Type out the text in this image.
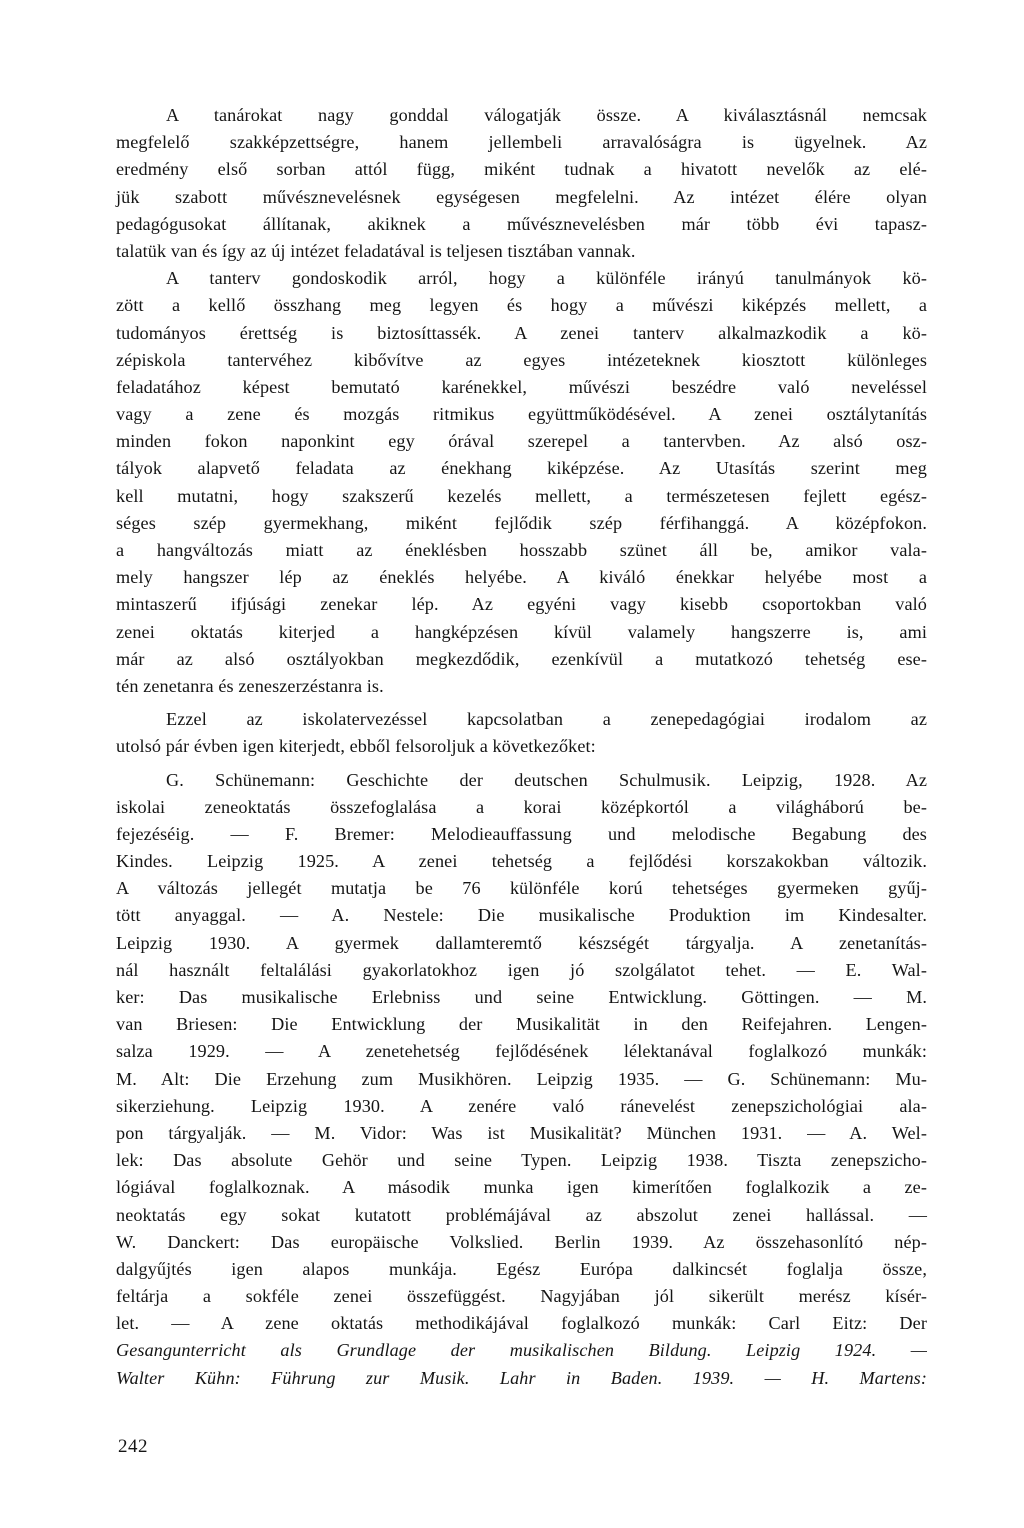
A tanárokat nagy gonddal válogatják össze. A kiválasztásnál nemcsak
megfelelő szakképzettségre, hanem jellembeli arravalóságra is ügyelnek. Az
eredmény első sorban attól függ, miként tudnak a hivatott nevelők az elé-
jük szabott művésznevelésnek egységesen megfelelni. Az intézet élére olyan
pedagógusokat állítanak, akiknek a művésznevelésben már több évi tapasz-
talatük van és így az új intézet feladatával is teljesen tisztában vannak.
A tanterv gondoskodik arról, hogy a különféle irányú tanulmányok kö-
zött a kellő összhang meg legyen és hogy a művészi kiképzés mellett, a
tudományos érettség is biztosíttassék. A zenei tanterv alkalmazkodik a kö-
zépiskola tantervéhez kibővítve az egyes intézeteknek kiosztott különleges
feladatához képest bemutató karénekkel, művészi beszédre való neveléssel
vagy a zene és mozgás ritmikus együttműködésével. A zenei osztálytanítás
minden fokon naponkint egy órával szerepel a tantervben. Az alsó osz-
tályok alapvető feladata az énekhang kiképzése. Az Utasítás szerint meg
kell mutatni, hogy szakszerű kezelés mellett, a természetesen fejlett egész-
séges szép gyermekhang, miként fejlődik szép férfihanggá. A középfokon.
a hangváltozás miatt az éneklésben hosszabb szünet áll be, amikor vala-
mely hangszer lép az éneklés helyébe. A kiváló énekkar helyébe most a
mintaszerű ifjúsági zenekar lép. Az egyéni vagy kisebb csoportokban való
zenei oktatás kiterjed a hangképzésen kívül valamely hangszerre is, ami
már az alsó osztályokban megkezdődik, ezenkívül a mutatkozó tehetség ese-
tén zenetanra és zeneszerzéstanra is.
Ezzel az iskolatervezéssel kapcsolatban a zenepedagógiai irodalom az
utolsó pár évben igen kiterjedt, ebből felsoroljuk a következőket:
G. Schünemann: Geschichte der deutschen Schulmusik. Leipzig, 1928. Az
iskolai zeneoktatás összefoglalása a korai középkortól a világháború be-
fejezéséig. — F. Bremer: Melodieauffassung und melodische Begabung des
Kindes. Leipzig 1925. A zenei tehetség a fejlődési korszakokban változik.
A változás jellegét mutatja be 76 különféle korú tehetséges gyermeken gyűj-
tött anyaggal. — A. Nestele: Die musikalische Produktion im Kindesalter.
Leipzig 1930. A gyermek dallamteremtő készségét tárgyalja. A zenetanítás-
nál használt feltalálási gyakorlatokhoz igen jó szolgálatot tehet. — E. Wal-
ker: Das musikalische Erlebniss und seine Entwicklung. Göttingen. — M.
van Briesen: Die Entwicklung der Musikalität in den Reifejahren. Lengen-
salza 1929. — A zenetehetség fejlődésének lélektanával foglalkozó munkák:
M. Alt: Die Erzehung zum Musikhören. Leipzig 1935. — G. Schünemann: Mu-
sikerziehung. Leipzig 1930. A zenére való ránevelést zenepszichológiai ala-
pon tárgyalják. — M. Vidor: Was ist Musikalität? München 1931. — A. Wel-
lek: Das absolute Gehör und seine Typen. Leipzig 1938. Tiszta zenepszicho-
lógiával foglalkoznak. A második munka igen kimerítően foglalkozik a ze-
neoktatás egy sokat kutatott problémájával az abszolut zenei hallással. —
W. Danckert: Das europäische Volkslied. Berlin 1939. Az összehasonlító nép-
dalgyűjtés igen alapos munkája. Egész Európa dalkincsét foglalja össze,
feltárja a sokféle zenei összefüggést. Nagyjában jól sikerült merész kísér-
let. — A zene oktatás methodikájával foglalkozó munkák: Carl Eitz: Der
Gesangunterricht als Grundlage der musikalischen Bildung. Leipzig 1924. —
Walter Kühn: Führung zur Musik. Lahr in Baden. 1939. — H. Martens:
242
